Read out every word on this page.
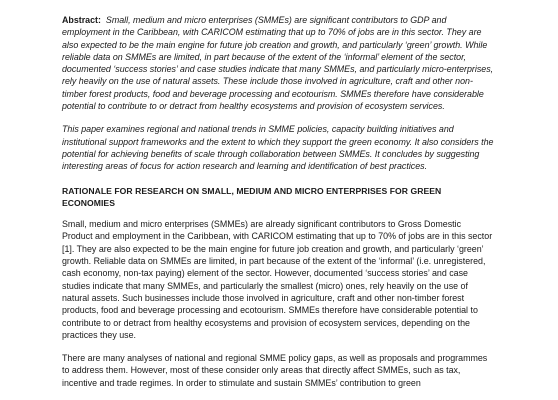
Abstract: Small, medium and micro enterprises (SMMEs) are significant contributors to GDP and employment in the Caribbean, with CARICOM estimating that up to 70% of jobs are in this sector. They are also expected to be the main engine for future job creation and growth, and particularly ‘green’ growth. While reliable data on SMMEs are limited, in part because of the extent of the ‘informal’ element of the sector, documented ‘success stories’ and case studies indicate that many SMMEs, and particularly micro-enterprises, rely heavily on the use of natural assets. These include those involved in agriculture, craft and other non-timber forest products, food and beverage processing and ecotourism. SMMEs therefore have considerable potential to contribute to or detract from healthy ecosystems and provision of ecosystem services.

This paper examines regional and national trends in SMME policies, capacity building initiatives and institutional support frameworks and the extent to which they support the green economy. It also considers the potential for achieving benefits of scale through collaboration between SMMEs. It concludes by suggesting interesting areas of focus for action research and learning and identification of best practices.

RATIONALE FOR RESEARCH ON SMALL, MEDIUM AND MICRO ENTERPRISES FOR GREEN ECONOMIES

Small, medium and micro enterprises (SMMEs) are already significant contributors to Gross Domestic Product and employment in the Caribbean, with CARICOM estimating that up to 70% of jobs are in this sector [1]. They are also expected to be the main engine for future job creation and growth, and particularly ‘green’ growth. Reliable data on SMMEs are limited, in part because of the extent of the ‘informal’ (i.e. unregistered, cash economy, non-tax paying) element of the sector. However, documented ‘success stories’ and case studies indicate that many SMMEs, and particularly the smallest (micro) ones, rely heavily on the use of natural assets. Such businesses include those involved in agriculture, craft and other non-timber forest products, food and beverage processing and ecotourism. SMMEs therefore have considerable potential to contribute to or detract from healthy ecosystems and provision of ecosystem services, depending on the practices they use.

There are many analyses of national and regional SMME policy gaps, as well as proposals and programmes to address them. However, most of these consider only areas that directly affect SMMEs, such as tax, incentive and trade regimes. In order to stimulate and sustain SMMEs’ contribution to green
